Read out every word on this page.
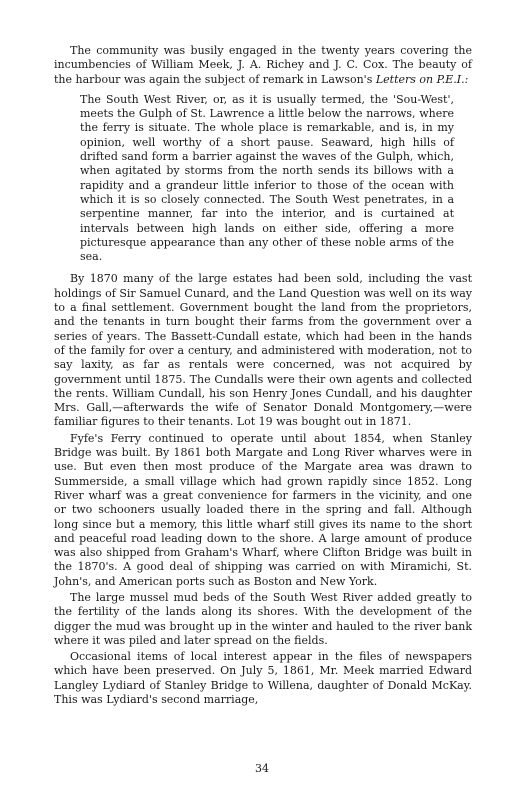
The community was busily engaged in the twenty years covering the incumbencies of William Meek, J. A. Richey and J. C. Cox. The beauty of the harbour was again the subject of remark in Lawson's Letters on P.E.I.:

The South West River, or, as it is usually termed, the 'Sou-West', meets the Gulph of St. Lawrence a little below the narrows, where the ferry is situate. The whole place is remarkable, and is, in my opinion, well worthy of a short pause. Seaward, high hills of drifted sand form a barrier against the waves of the Gulph, which, when agitated by storms from the north sends its billows with a rapidity and a grandeur little inferior to those of the ocean with which it is so closely connected. The South West penetrates, in a serpentine manner, far into the interior, and is curtained at intervals between high lands on either side, offering a more picturesque appearance than any other of these noble arms of the sea.

By 1870 many of the large estates had been sold, including the vast holdings of Sir Samuel Cunard, and the Land Question was well on its way to a final settlement. Government bought the land from the proprietors, and the tenants in turn bought their farms from the government over a series of years. The Bassett-Cundall estate, which had been in the hands of the family for over a century, and administered with moderation, not to say laxity, as far as rentals were concerned, was not acquired by government until 1875. The Cundalls were their own agents and collected the rents. William Cundall, his son Henry Jones Cundall, and his daughter Mrs. Gall,—afterwards the wife of Senator Donald Montgomery,—were familiar figures to their tenants. Lot 19 was bought out in 1871.

Fyfe's Ferry continued to operate until about 1854, when Stanley Bridge was built. By 1861 both Margate and Long River wharves were in use. But even then most produce of the Margate area was drawn to Summerside, a small village which had grown rapidly since 1852. Long River wharf was a great convenience for farmers in the vicinity, and one or two schooners usually loaded there in the spring and fall. Although long since but a memory, this little wharf still gives its name to the short and peaceful road leading down to the shore. A large amount of produce was also shipped from Graham's Wharf, where Clifton Bridge was built in the 1870's. A good deal of shipping was carried on with Miramichi, St. John's, and American ports such as Boston and New York.

The large mussel mud beds of the South West River added greatly to the fertility of the lands along its shores. With the development of the digger the mud was brought up in the winter and hauled to the river bank where it was piled and later spread on the fields.

Occasional items of local interest appear in the files of newspapers which have been preserved. On July 5, 1861, Mr. Meek married Edward Langley Lydiard of Stanley Bridge to Willena, daughter of Donald McKay. This was Lydiard's second marriage,

34
